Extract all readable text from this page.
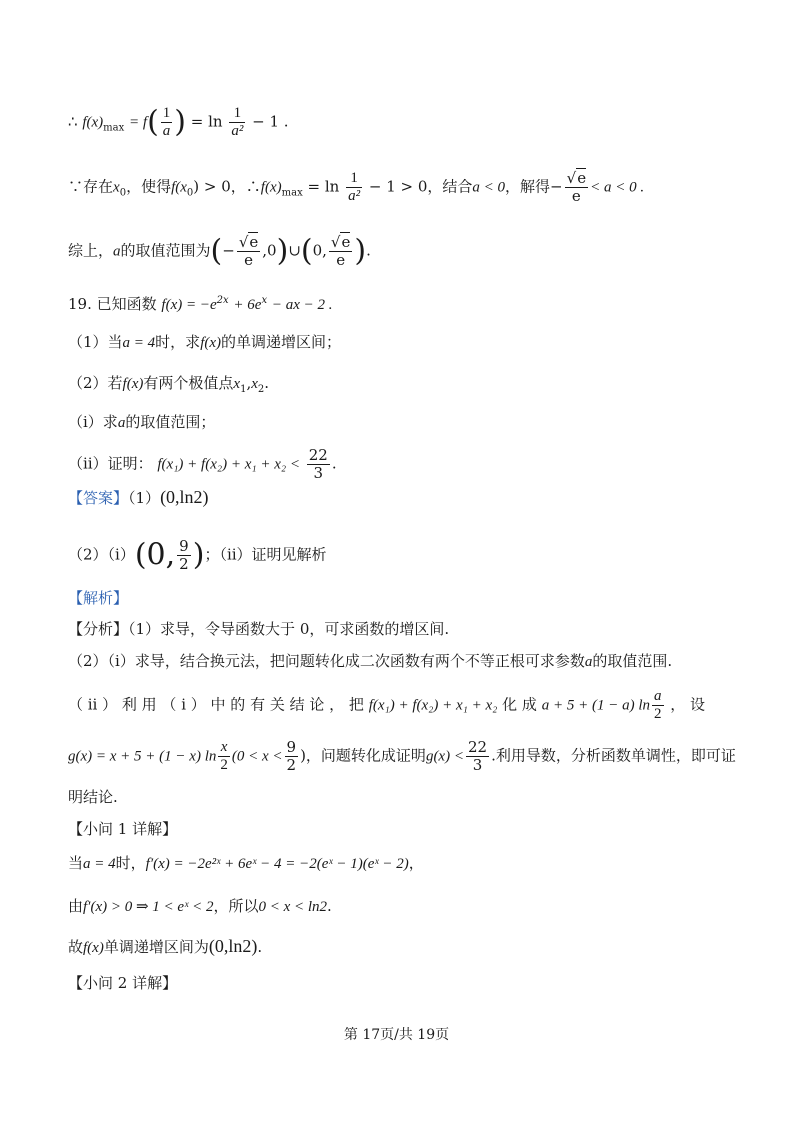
∴ $f(x)_{max} = f( \frac{1}{a}$ ) = $\ln \frac{1}{\text{a²}} - 1$ .
∵存在$x_0$，使得$f(x_0) > 0$，$\therefore f(x)_{max} = \ln \frac{1}{\text{a²}} - 1 > 0$，结合a < 0，解得− $\frac{√e}{e} < a < 0$ .
综上，a的取值范围为(− $\frac{√e}{e}$ ,0)∪(0, $\frac{√e}{e}$ ).
19. 已知函数 $f(x) = -e^{2x} + 6e^x$ − ax − 2 .
（1）当a = 4时，求f(x)的单调递增区间；
（2）若f(x)有两个极值点$x_1,x_2$.
（ⅰ）求a的取值范围；
（ⅱ）证明： $f(x_1) + f(x_2) + x_1 + x_2 < \frac{22}{3}$ .
【答案】（1）(0,ln2)
（2）（ⅰ）(0, $\frac{9}{2}$ )；（ⅱ）证明见解析
【解析】
【分析】（1）求导，令导函数大于 0，可求函数的增区间.
（2）（ⅰ）求导，结合换元法，把问题转化成二次函数有两个不等正根可求参数a的取值范围.
（ ⅱ ） 利 用 （ ⅰ ） 中 的 有 关 结 论 ， 把 f(x₁) + f(x₂) + x₁ + x₂ 化 成 a + 5 + (1 − a) $\ln \frac{a}{2}$ ， 设
g(x) = x + 5 + (1 − x) $\ln \frac{x}{2} (0 < x < \frac{9}{2}$ )，问题转化成证明$g(x) < \frac{22}{3}$ .利用导数，分析函数单调性，即可证
明结论.
【小问 1 详解】
当a = 4时，f′(x) = −2e²ˣ + 6eˣ − 4 = −2(eˣ − 1)(eˣ − 2)，
由f′(x) > 0 ⇒ 1 < eˣ < 2，所以0 < x < ln2.
故f(x)单调递增区间为(0,ln2).
【小问 2 详解】
第 17页/共 19页
